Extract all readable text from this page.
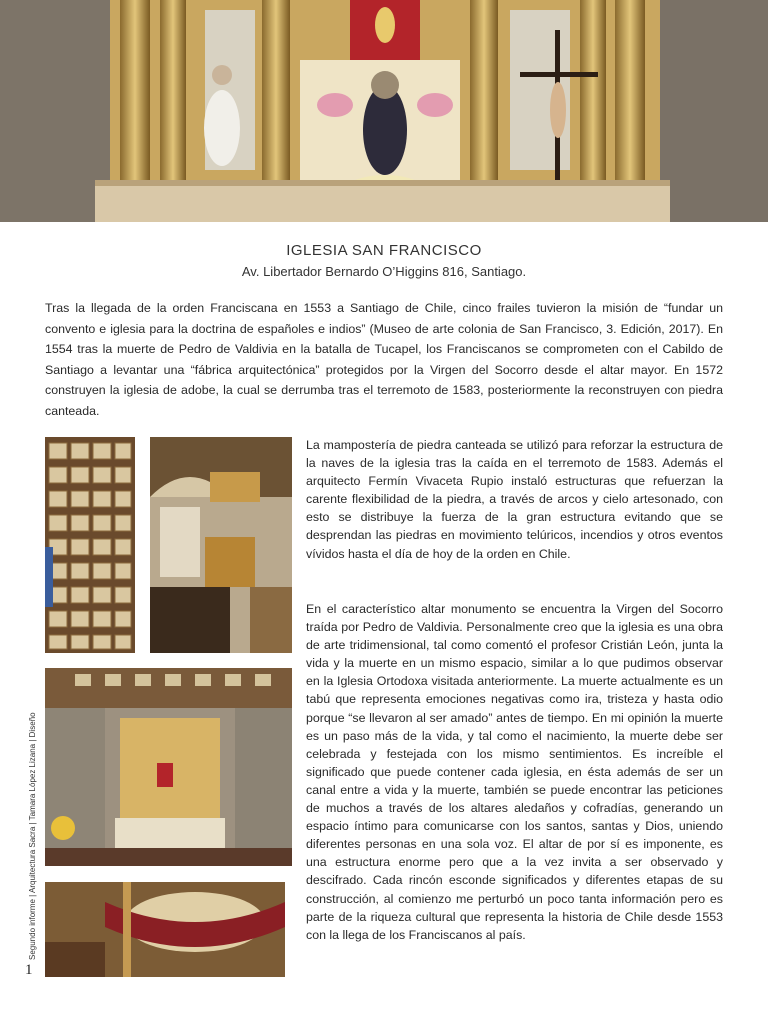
IGLESIA SAN FRANCISCO
Av. Libertador Bernardo O’Higgins 816, Santiago.

Tras la llegada de la orden Franciscana en 1553 a Santiago de Chile, cinco frailes tuvieron la misión de “fundar un convento e iglesia para la doctrina de españoles e indios” (Museo de arte colonia de San Francisco, 3. Edición, 2017). En 1554 tras la muerte de Pedro de Valdivia en la batalla de Tucapel, los Franciscanos se comprometen con el Cabildo de Santiago a levantar una “fábrica arquitectónica” protegidos por la Virgen del Socorro desde el altar mayor. En 1572 construyen la iglesia de adobe, la cual se derrumba tras el terremoto de 1583, posteriormente la reconstruyen con piedra canteada.

La mampostería de piedra canteada se utilizó para reforzar la estructura de la naves de la iglesia tras la caída en el terremoto de 1583. Además el arquitecto Fermín Vivaceta Rupio instaló estructuras que refuerzan la carente flexibilidad de la piedra, a través de arcos y cielo artesonado, con esto se distribuye la fuerza de la gran estructura evitando que se desprendan las piedras en movimiento telúricos, incendios y otros eventos vívidos hasta el día de hoy de la orden en Chile.
En el característico altar monumento se encuentra la Virgen del Socorro traída por Pedro de Valdivia. Personalmente creo que la iglesia es una obra de arte tridimensional, tal como comentó el profesor Cristián León, junta la vida y la muerte en un mismo espacio, similar a lo que pudimos observar en la Iglesia Ortodoxa visitada anteriormente. La muerte actualmente es un tabú que representa emociones negativas como ira, tristeza y hasta odio porque “se llevaron al ser amado” antes de tiempo. En mi opinión la muerte es un paso más de la vida, y tal como el nacimiento, la muerte debe ser celebrada y festejada con los mismo sentimientos. Es increíble el significado que puede contener cada iglesia, en ésta además de ser un canal entre a vida y la muerte, también se puede encontrar las peticiones de muchos a través de los altares aledaños y cofradías, generando un espacio íntimo para comunicarse con los santos, santas y Dios, uniendo diferentes personas en una sola voz. El altar de por sí es imponente, es una estructura enorme pero que a la vez invita a ser observado y descifrado. Cada rincón esconde significados y diferentes etapas de su construcción, al comienzo me perturbó un poco tanta información pero es parte de la riqueza cultural que representa la historia de Chile desde 1553 con la llega de los Franciscanos al país.
Segundo informe | Arquitectura Sacra | Tamara López Lizana | Diseño
1
